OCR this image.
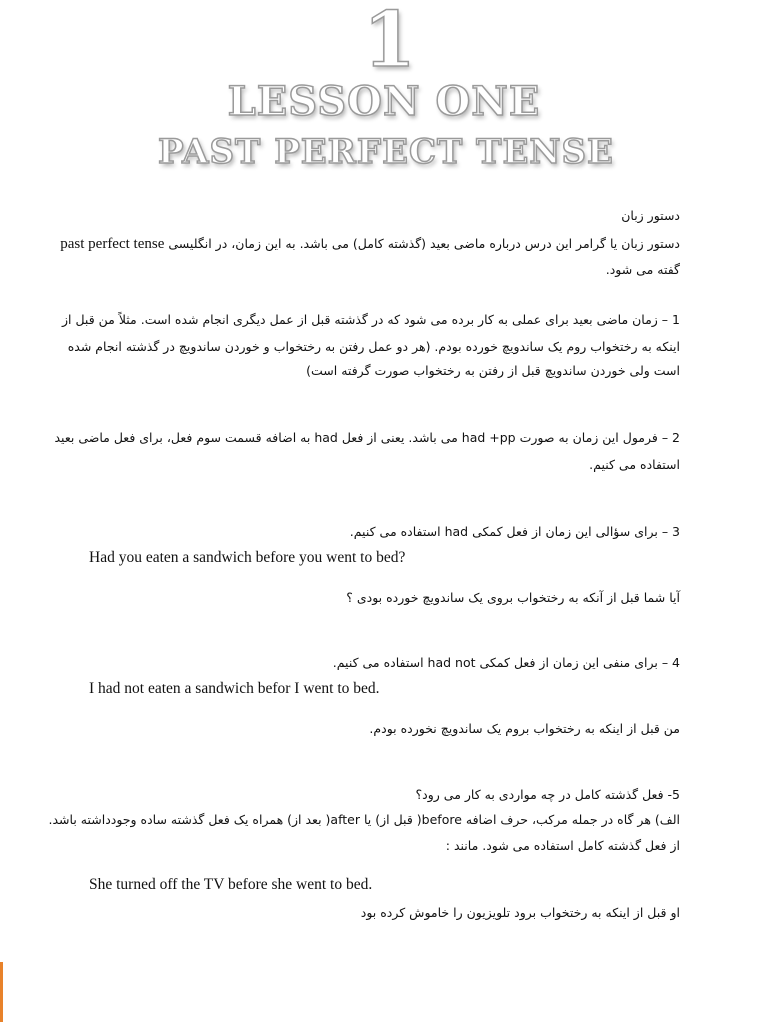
1
LESSON ONE
PAST PERFECT TENSE
دستور زبان
دستور زبان یا گرامر این درس درباره ماضی بعید (گذشته کامل) می باشد. به این زمان، در انگلیسی past perfect tense
گفته می شود.
1 – زمان ماضی بعید برای عملی به کار برده می شود که در گذشته قبل از عمل دیگری انجام شده است. مثلاً من قبل از
اینکه به رختخواب روم یک ساندویچ خورده بودم. (هر دو عمل رفتن به رختخواب و خوردن ساندویچ در گذشته انجام شده
است ولی خوردن ساندویچ قبل از رفتن به رختخواب صورت گرفته است)
2 – فرمول این زمان به صورت had +pp می باشد. یعنی از فعل had به اضافه قسمت سوم فعل، برای فعل ماضی بعید
استفاده می کنیم.
3 – برای سؤالی این زمان از فعل کمکی had استفاده می کنیم.
Had you eaten a sandwich before you went to bed?
آیا شما قبل از آنکه به رختخواب بروی یک ساندویچ خورده بودی ؟
4 – برای منفی این زمان از فعل کمکی had not استفاده می کنیم.
I had not eaten a sandwich befor I went to bed.
من قبل از اینکه به رختخواب بروم یک ساندویچ نخورده بودم.
5- فعل گذشته کامل در چه مواردی به کار می رود؟
الف) هر گاه در جمله مرکب، حرف اضافه before( قبل از) یا after( بعد از) همراه یک فعل گذشته ساده وجودداشته باشد.
از فعل گذشته کامل استفاده می شود. مانند :
She turned off the TV before she went to bed.
او قبل از اینکه به رختخواب برود تلویزیون را خاموش کرده بود
